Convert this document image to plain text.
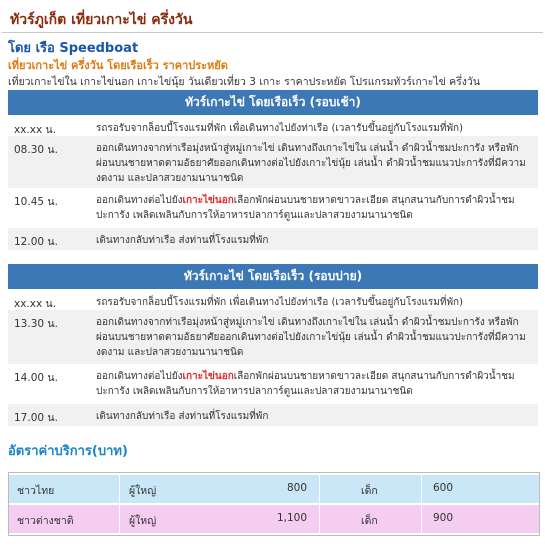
ทัวร์ภูเก็ต เที่ยวเกาะไข่ ครึ่งวัน
โดย เรือ Speedboat
เที่ยวเกาะไข่ ครึ่งวัน โดยเรือเร็ว ราคาประหยัด
เที่ยวเกาะไข่ใน เกาะไข่นอก เกาะไข่นุ้ย วันเดียวเที่ยว 3 เกาะ ราคาประหยัด โปรแกรมทัวร์เกาะไข่ ครึ่งวัน
ทัวร์เกาะไข่ โดยเรือเร็ว (รอบเช้า)
xx.xx น.	รถรอรับจากล็อบบี้โรงแรมที่พัก เพื่อเดินทางไปยังท่าเรือ (เวลารับขึ้นอยู่กับโรงแรมที่พัก)
08.30 น.	ออกเดินทางจากท่าเรือมุ่งหน้าสู่หมู่เกาะไข่ เดินทางถึงเกาะไข่ใน เล่นน้ำ ดำผิวน้ำชมปะการัง หรือพักผ่อนบนชายหาดตามอัธยาศัยออกเดินทางต่อไปยังเกาะไข่นุ้ย เล่นน้ำ ดำผิวน้ำชมแนวปะการังที่มีความงดงาม และปลาสวยงามนานาชนิด
10.45 น.	ออกเดินทางต่อไปยังเกาะไข่นอกเลือกพักผ่อนบนชายหาดขาวละเอียด สนุกสนานกับการดำผิวน้ำชมปะการัง เพลิดเพลินกับการให้อาหารปลาการ์ตูนและปลาสวยงามนานาชนิด
12.00 น.	เดินทางกลับท่าเรือ ส่งท่านที่โรงแรมที่พัก
ทัวร์เกาะไข่ โดยเรือเร็ว (รอบบ่าย)
xx.xx น.	รถรอรับจากล็อบบี้โรงแรมที่พัก เพื่อเดินทางไปยังท่าเรือ (เวลารับขึ้นอยู่กับโรงแรมที่พัก)
13.30 น.	ออกเดินทางจากท่าเรือมุ่งหน้าสู่หมู่เกาะไข่ เดินทางถึงเกาะไข่ใน เล่นน้ำ ดำผิวน้ำชมปะการัง หรือพักผ่อนบนชายหาดตามอัธยาศัยออกเดินทางต่อไปยังเกาะไข่นุ้ย เล่นน้ำ ดำผิวน้ำชมแนวปะการังที่มีความงดงาม และปลาสวยงามนานาชนิด
14.00 น.	ออกเดินทางต่อไปยังเกาะไข่นอกเลือกพักผ่อนบนชายหาดขาวละเอียด สนุกสนานกับการดำผิวน้ำชมปะการัง เพลิดเพลินกับการให้อาหารปลาการ์ตูนและปลาสวยงามนานาชนิด
17.00 น.	เดินทางกลับท่าเรือ ส่งท่านที่โรงแรมที่พัก
อัตราค่าบริการ(บาท)
ชาวไทย	ผู้ใหญ่	800	เด็ก	600
ชาวต่างชาติ	ผู้ใหญ่	1,100	เด็ก	900
